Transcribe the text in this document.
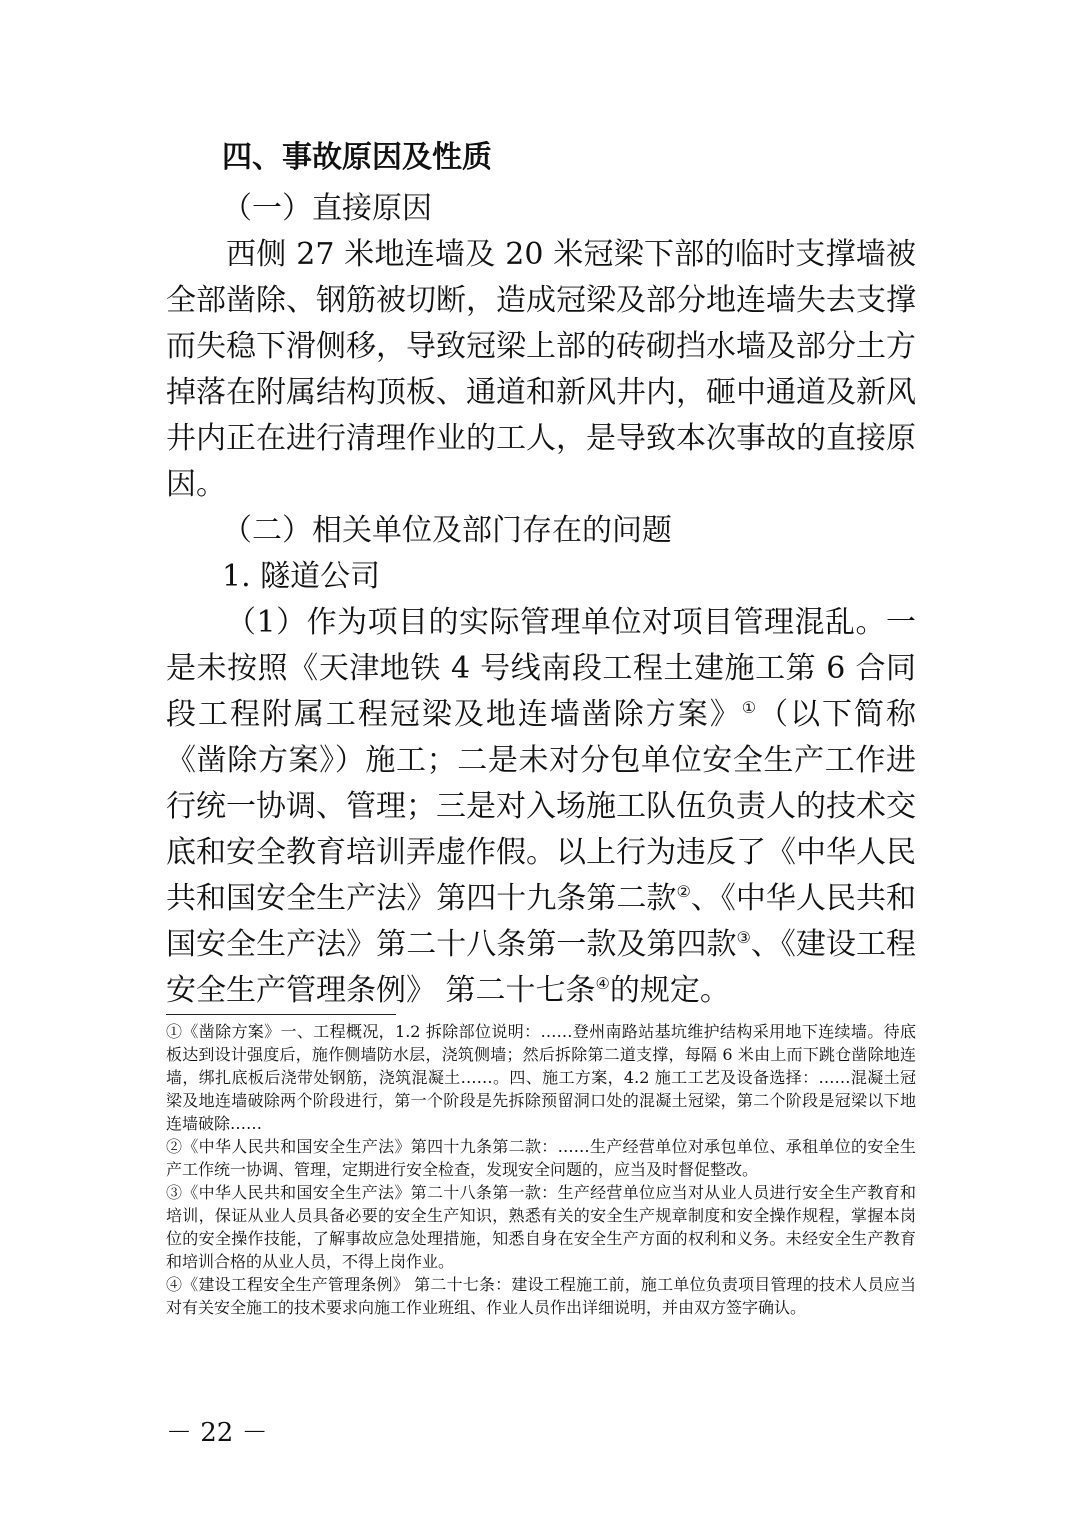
四、事故原因及性质

（一）直接原因

西侧 27 米地连墙及 20 米冠梁下部的临时支撑墙被全部凿除、钢筋被切断，造成冠梁及部分地连墙失去支撑而失稳下滑侧移，导致冠梁上部的砖砌挡水墙及部分土方掉落在附属结构顶板、通道和新风井内，砸中通道及新风井内正在进行清理作业的工人，是导致本次事故的直接原因。

（二）相关单位及部门存在的问题

1. 隧道公司

（1）作为项目的实际管理单位对项目管理混乱。一是未按照《天津地铁 4 号线南段工程土建施工第 6 合同段工程附属工程冠梁及地连墙凿除方案》①（以下简称《凿除方案》）施工；二是未对分包单位安全生产工作进行统一协调、管理；三是对入场施工队伍负责人的技术交底和安全教育培训弄虚作假。以上行为违反了《中华人民共和国安全生产法》第四十九条第二款②、《中华人民共和国安全生产法》第二十八条第一款及第四款③、《建设工程安全生产管理条例》 第二十七条④的规定。

①《凿除方案》一、工程概况，1.2 拆除部位说明：……登州南路站基坑维护结构采用地下连续墙。待底板达到设计强度后，施作侧墙防水层，浇筑侧墙；然后拆除第二道支撑，每隔 6 米由上而下跳仓凿除地连墙，绑扎底板后浇带处钢筋，浇筑混凝土……。四、施工方案，4.2 施工工艺及设备选择：……混凝土冠梁及地连墙破除两个阶段进行，第一个阶段是先拆除预留洞口处的混凝土冠梁，第二个阶段是冠梁以下地连墙破除……

②《中华人民共和国安全生产法》第四十九条第二款：……生产经营单位对承包单位、承租单位的安全生产工作统一协调、管理，定期进行安全检查，发现安全问题的，应当及时督促整改。

③《中华人民共和国安全生产法》第二十八条第一款：生产经营单位应当对从业人员进行安全生产教育和培训，保证从业人员具备必要的安全生产知识，熟悉有关的安全生产规章制度和安全操作规程，掌握本岗位的安全操作技能，了解事故应急处理措施，知悉自身在安全生产方面的权利和义务。未经安全生产教育和培训合格的从业人员，不得上岗作业。

④《建设工程安全生产管理条例》 第二十七条：建设工程施工前，施工单位负责项目管理的技术人员应当对有关安全施工的技术要求向施工作业班组、作业人员作出详细说明，并由双方签字确认。

－ 22 －
